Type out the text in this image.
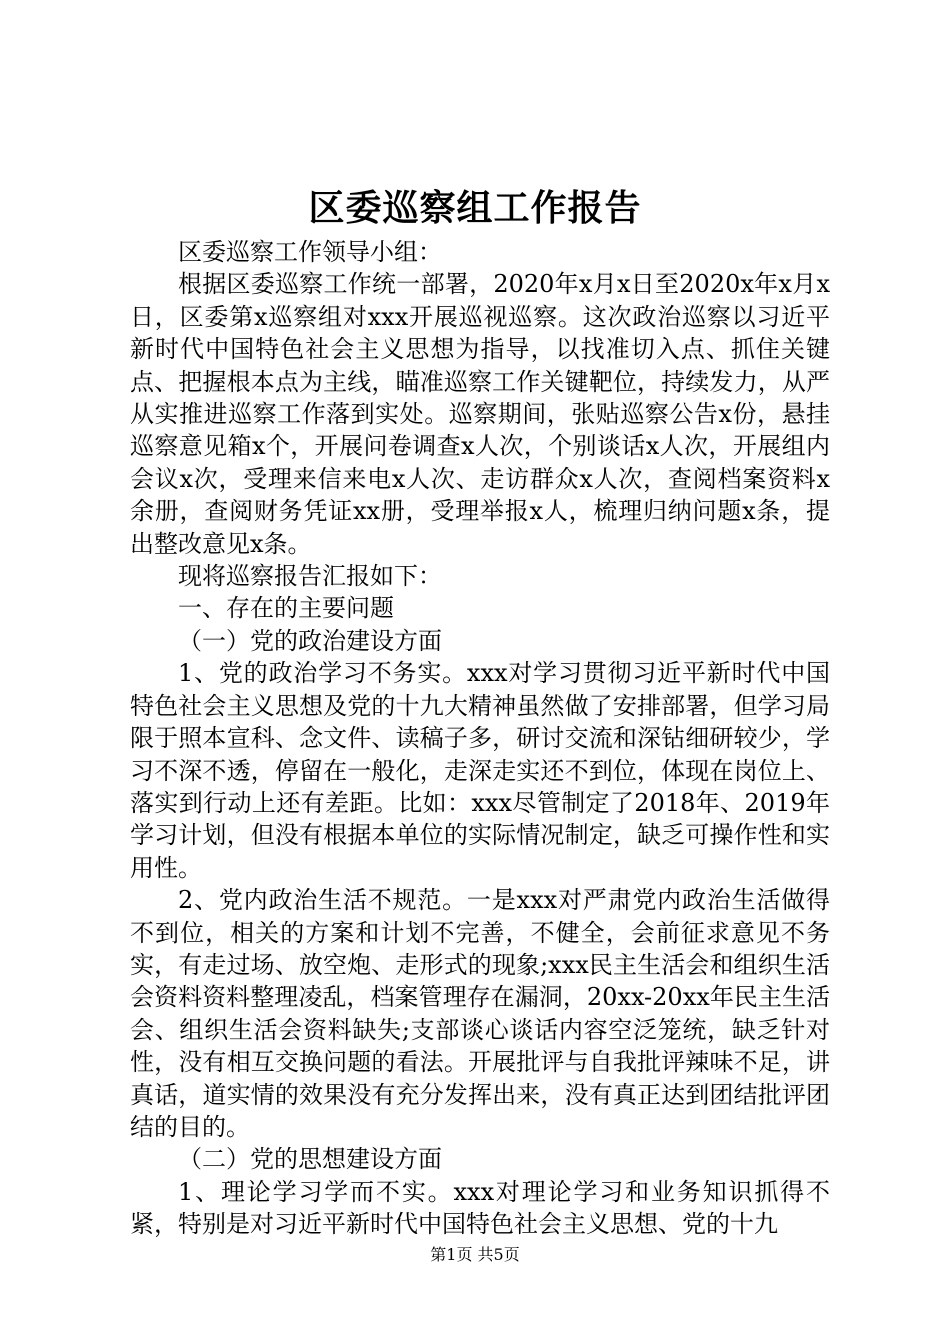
区委巡察组工作报告

区委巡察工作领导小组：

根据区委巡察工作统一部署，2020年x月x日至2020x年x月x日，区委第x巡察组对xxx开展巡视巡察。这次政治巡察以习近平新时代中国特色社会主义思想为指导，以找准切入点、抓住关键点、把握根本点为主线，瞄准巡察工作关键靶位，持续发力，从严从实推进巡察工作落到实处。巡察期间，张贴巡察公告x份，悬挂巡察意见箱x个，开展问卷调查x人次，个别谈话x人次，开展组内会议x次，受理来信来电x人次、走访群众x人次，查阅档案资料x余册，查阅财务凭证xx册，受理举报x人，梳理归纳问题x条，提出整改意见x条。

现将巡察报告汇报如下：

一、存在的主要问题

（一）党的政治建设方面

1、党的政治学习不务实。xxx对学习贯彻习近平新时代中国特色社会主义思想及党的十九大精神虽然做了安排部署，但学习局限于照本宣科、念文件、读稿子多，研讨交流和深钻细研较少，学习不深不透，停留在一般化，走深走实还不到位，体现在岗位上、落实到行动上还有差距。比如：xxx尽管制定了2018年、2019年学习计划，但没有根据本单位的实际情况制定，缺乏可操作性和实用性。

2、党内政治生活不规范。一是xxx对严肃党内政治生活做得不到位，相关的方案和计划不完善，不健全，会前征求意见不务实，有走过场、放空炮、走形式的现象;xxx民主生活会和组织生活会资料资料整理凌乱，档案管理存在漏洞，20xx-20xx年民主生活会、组织生活会资料缺失;支部谈心谈话内容空泛笼统，缺乏针对性，没有相互交换问题的看法。开展批评与自我批评辣味不足，讲真话，道实情的效果没有充分发挥出来，没有真正达到团结批评团结的目的。

（二）党的思想建设方面

1、理论学习学而不实。xxx对理论学习和业务知识抓得不紧，特别是对习近平新时代中国特色社会主义思想、党的十九

第1页 共5页
